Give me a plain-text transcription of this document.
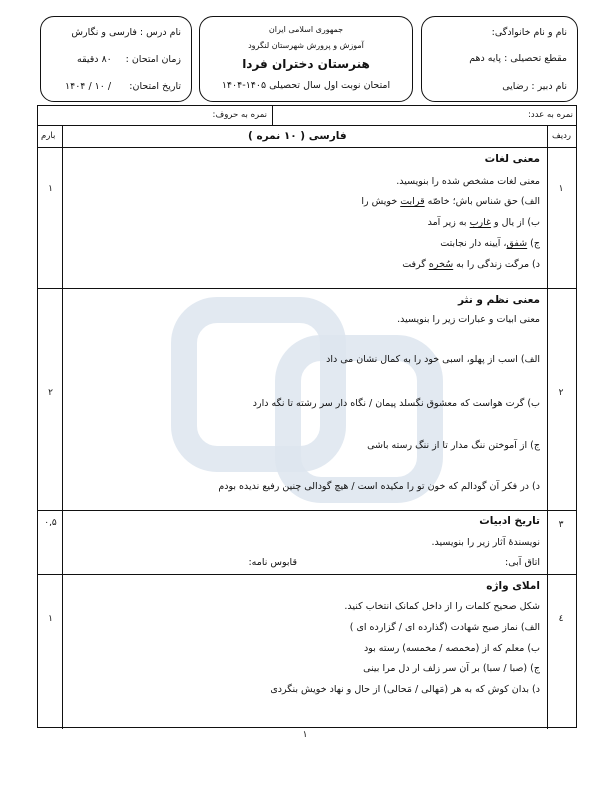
نام و نام خانوادگی:
مقطع تحصیلی : پایه دهم
نام دبیر : رضایی
جمهوری اسلامی ایران
آموزش و پرورش شهرستان لنگرود
هنرستان دختران فردا
امتحان نوبت اول سال تحصیلی ۱۴۰۵-۱۴۰۴
نام درس : فارسی و نگارش
زمان امتحان :
۸۰ دقیقه
تاریخ امتحان:
/ ۱۰ / ۱۴۰۴
نمره به عدد:
نمره به حروف:
ردیف
فارسی ( ۱۰ نمره )
بارم
۱
۱
معنی لغات
معنی لغات مشخص شده را بنویسید.
الف) حق شناس باش؛ خاصّه قرابت خویش را
ب) از یال و غارب به زیر آمد
ج) شفق، آیینه دار نجابتت
د) مرگت زندگی را به سُخره گرفت
۲
۲
معنی نظم و نثر
معنی ابیات و عبارات زیر را بنویسید.
الف) اسب از پهلو، اسبی خود را به کمال نشان می داد
ب) گرت هواست که معشوق نگسلد پیمان / نگاه دار سر رشته تا نگه دارد
ج) از آموختن ننگ مدار تا از ننگ رسته باشی
د) در فکر آن گودالم که خون تو را مکیده است / هیچ گودالی چنین رفیع ندیده بودم
۳
۰,۵	تاریخ ادبیات
نویسندهٔ آثار زیر را بنویسید.
اتاق آبی:
قابوس نامه:
٤
۱
املای واژه
شکل صحیح کلمات را از داخل کمانک انتخاب کنید.
الف) نماز صبح شهادت (گذارده ای / گزارده ای )
ب) معلم که از (مخمصه / مخمسه) رسته بود
ج) (صبا / سبا) بر آن سر زلف ار دل مرا بینی
د) بدان کوش که به هر (مَهالی / مَحالی) از حال و نهاد خویش بنگردی
۱
